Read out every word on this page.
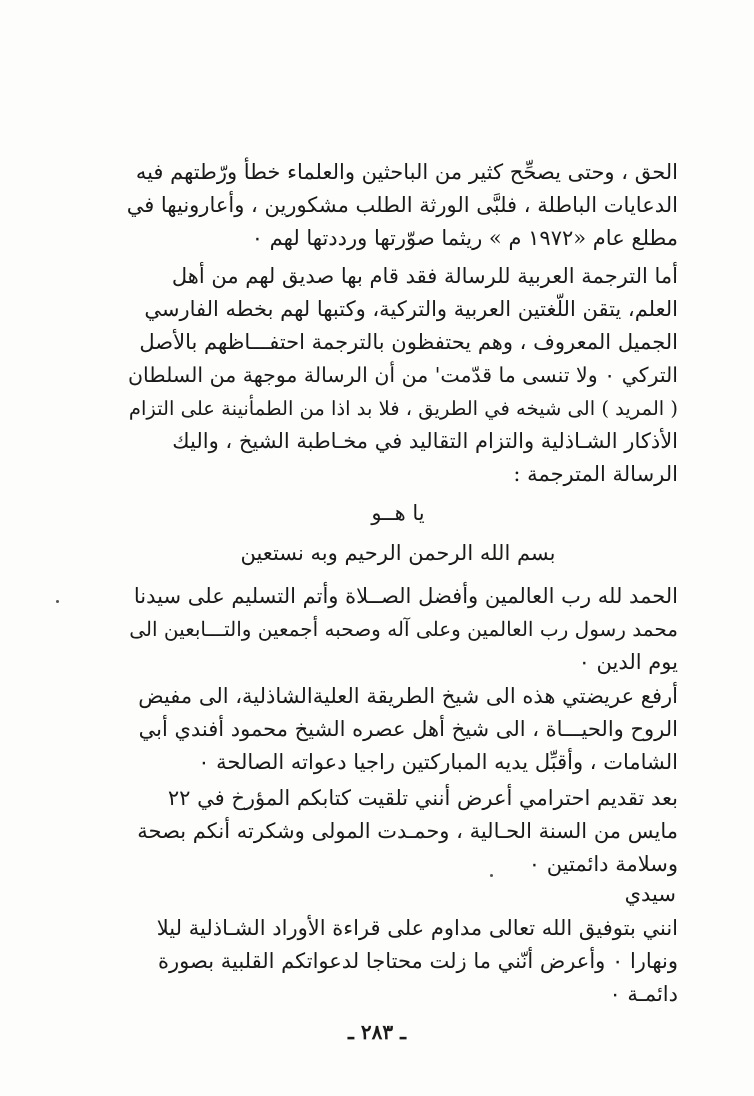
الحق ، وحتى يصحِّح كثير من الباحثين والعلماء خطأ ورّطتهم فيه
الدعايات الباطلة ، فلبَّى الورثة الطلب مشكورين ، وأعارونيها في
مطلع عام «١٩٧٢ م » ريثما صوّرتها ورددتها لهم ٠
أما الترجمة العربية للرسالة فقد قام بها صديق لهم من أهل
العلم، يتقن اللّغتين العربية والتركية، وكتبها لهم بخطه الفارسي
الجميل المعروف ، وهم يحتفظون بالترجمة احتفـــاظهم بالأصل
التركي ٠ ولا تنسى ما قدّمت' من أن الرسالة موجهة من السلطان
( المريد ) الى شيخه في الطريق ، فلا بد اذا من الطمأنينة على التزام
الأذكار الشـاذلية والتزام التقاليد في مخـاطبة الشيخ ، واليك
الرسالة المترجمة :
يا هــو
بسم الله الرحمن الرحيم وبه نستعين
الحمد لله رب العالمين وأفضل الصــلاة وأتم التسليم على سيدنا
محمد رسول رب العالمين وعلى آله وصحبه أجمعين والتـــابعين الى
يوم الدين ٠
أرفع عريضتي هذه الى شيخ الطريقة العليةالشاذلية، الى مفيض
الروح والحيـــاة ، الى شيخ أهل عصره الشيخ محمود أفندي أبي
الشامات ، وأقبِّل يديه المباركتين راجيا دعواته الصالحة ٠
بعد تقديم احترامي أعرض أنني تلقيت كتابكم المؤرخ في ٢٢
مايس من السنة الحـالية ، وحمـدت المولى وشكرته أنكم بصحة
وسلامة دائمتين ٠
سيدي
انني بتوفيق الله تعالى مداوم على قراءة الأوراد الشـاذلية ليلا
ونهارا ٠ وأعرض أنّني ما زلت محتاجا لدعواتكم القلبية بصورة
دائمـة ٠
ـ ٢٨٣ ـ
